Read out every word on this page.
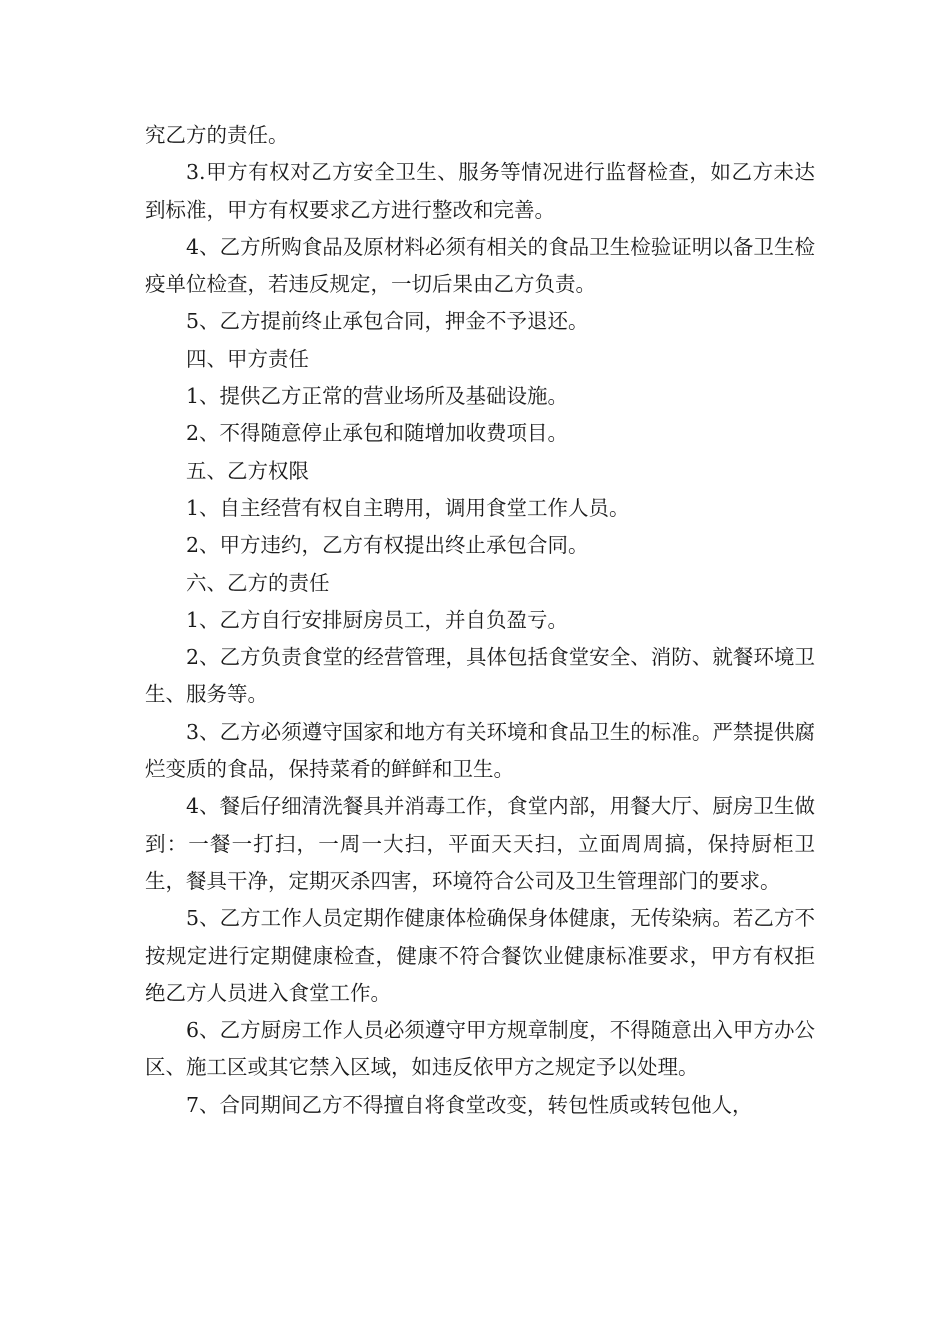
究乙方的责任。

3.甲方有权对乙方安全卫生、服务等情况进行监督检查，如乙方未达到标准，甲方有权要求乙方进行整改和完善。

4、乙方所购食品及原材料必须有相关的食品卫生检验证明以备卫生检疫单位检查，若违反规定，一切后果由乙方负责。

5、乙方提前终止承包合同，押金不予退还。

四、甲方责任

1、提供乙方正常的营业场所及基础设施。

2、不得随意停止承包和随增加收费项目。

五、乙方权限

1、自主经营有权自主聘用，调用食堂工作人员。

2、甲方违约，乙方有权提出终止承包合同。

六、乙方的责任

1、乙方自行安排厨房员工，并自负盈亏。

2、乙方负责食堂的经营管理，具体包括食堂安全、消防、就餐环境卫生、服务等。

3、乙方必须遵守国家和地方有关环境和食品卫生的标准。严禁提供腐烂变质的食品，保持菜肴的鲜鲜和卫生。

4、餐后仔细清洗餐具并消毒工作，食堂内部，用餐大厅、厨房卫生做到：一餐一打扫，一周一大扫，平面天天扫，立面周周搞，保持厨柜卫生，餐具干净，定期灭杀四害，环境符合公司及卫生管理部门的要求。

5、乙方工作人员定期作健康体检确保身体健康，无传染病。若乙方不按规定进行定期健康检查，健康不符合餐饮业健康标准要求，甲方有权拒绝乙方人员进入食堂工作。

6、乙方厨房工作人员必须遵守甲方规章制度，不得随意出入甲方办公区、施工区或其它禁入区域，如违反依甲方之规定予以处理。

7、合同期间乙方不得擅自将食堂改变，转包性质或转包他人，
